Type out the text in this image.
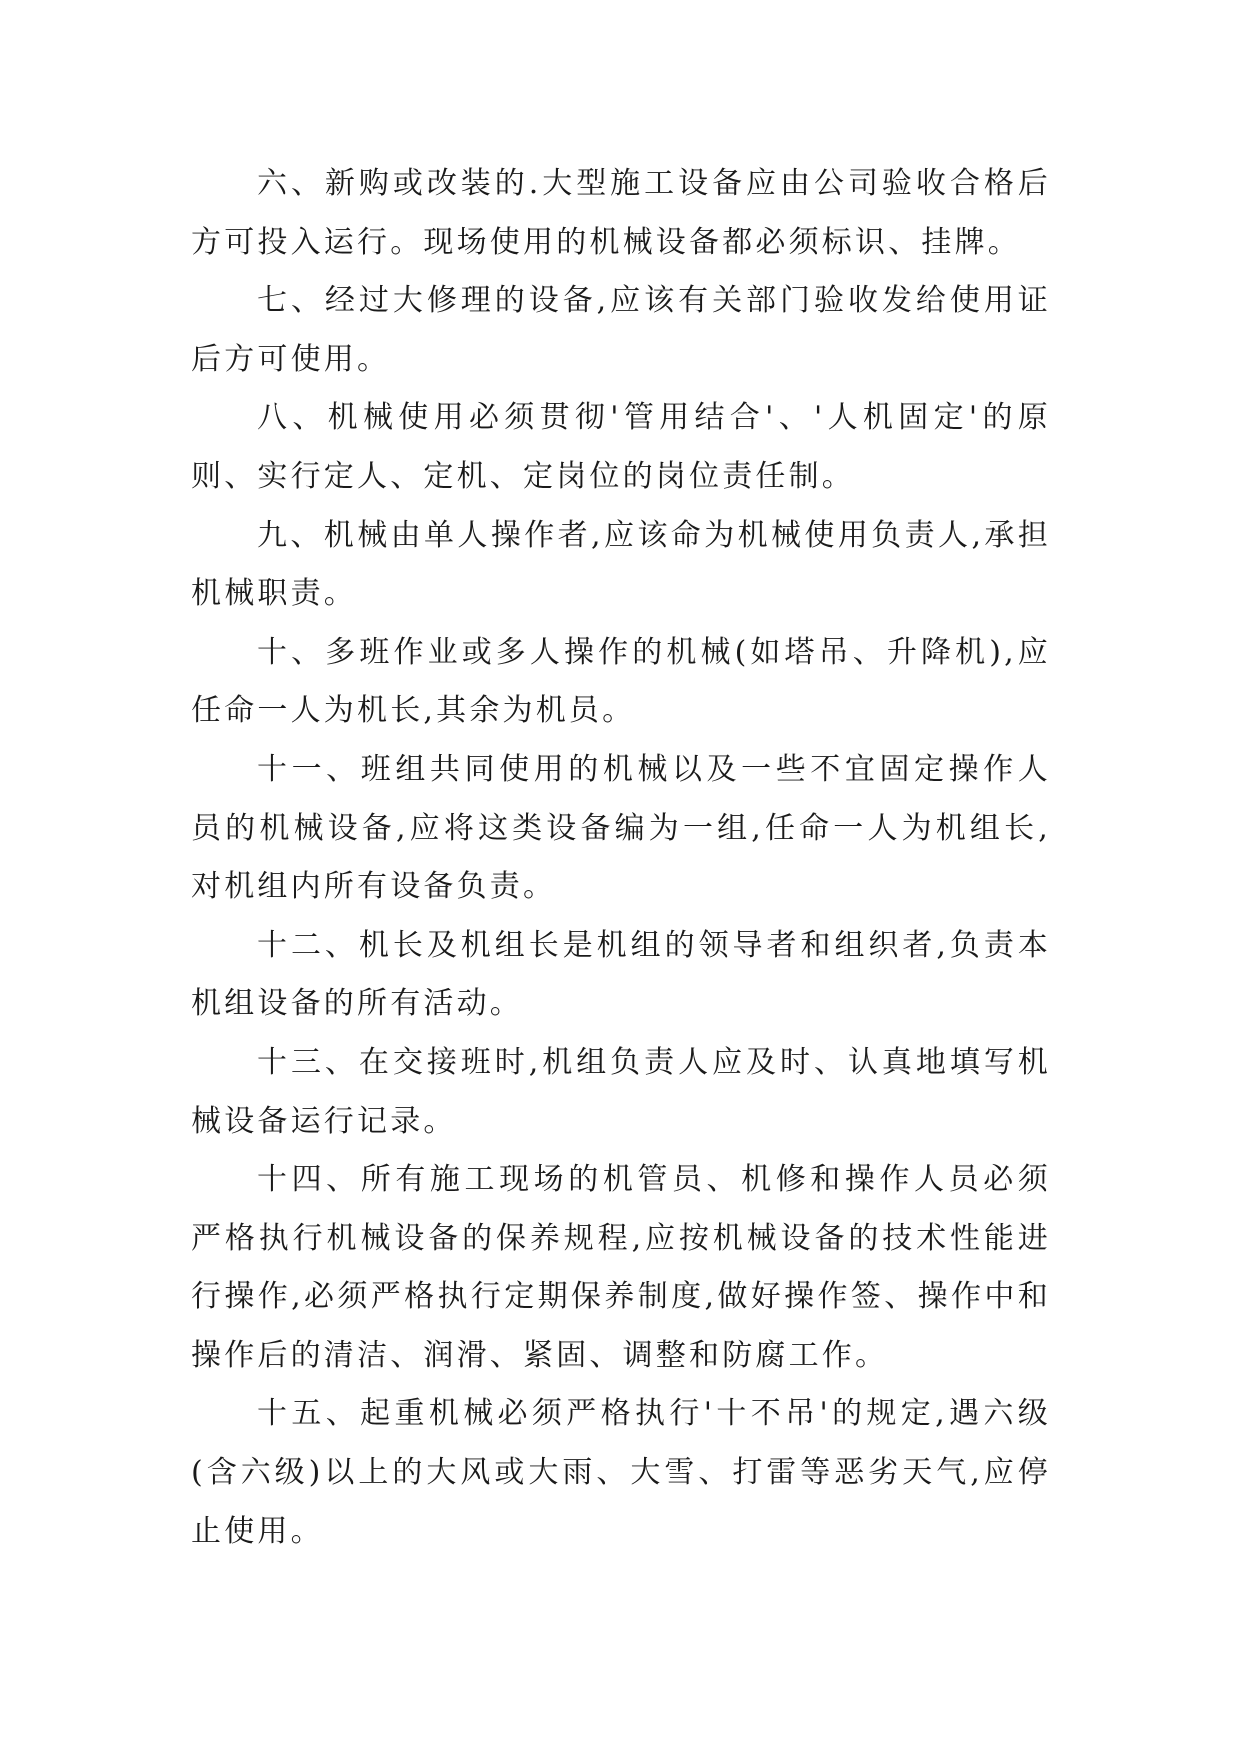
六、新购或改装的.大型施工设备应由公司验收合格后方可投入运行。现场使用的机械设备都必须标识、挂牌。

七、经过大修理的设备,应该有关部门验收发给使用证后方可使用。

八、机械使用必须贯彻'管用结合'、'人机固定'的原则、实行定人、定机、定岗位的岗位责任制。

九、机械由单人操作者,应该命为机械使用负责人,承担机械职责。

十、多班作业或多人操作的机械(如塔吊、升降机),应任命一人为机长,其余为机员。

十一、班组共同使用的机械以及一些不宜固定操作人员的机械设备,应将这类设备编为一组,任命一人为机组长,对机组内所有设备负责。

十二、机长及机组长是机组的领导者和组织者,负责本机组设备的所有活动。

十三、在交接班时,机组负责人应及时、认真地填写机械设备运行记录。

十四、所有施工现场的机管员、机修和操作人员必须严格执行机械设备的保养规程,应按机械设备的技术性能进行操作,必须严格执行定期保养制度,做好操作签、操作中和操作后的清洁、润滑、紧固、调整和防腐工作。

十五、起重机械必须严格执行'十不吊'的规定,遇六级(含六级)以上的大风或大雨、大雪、打雷等恶劣天气,应停止使用。
